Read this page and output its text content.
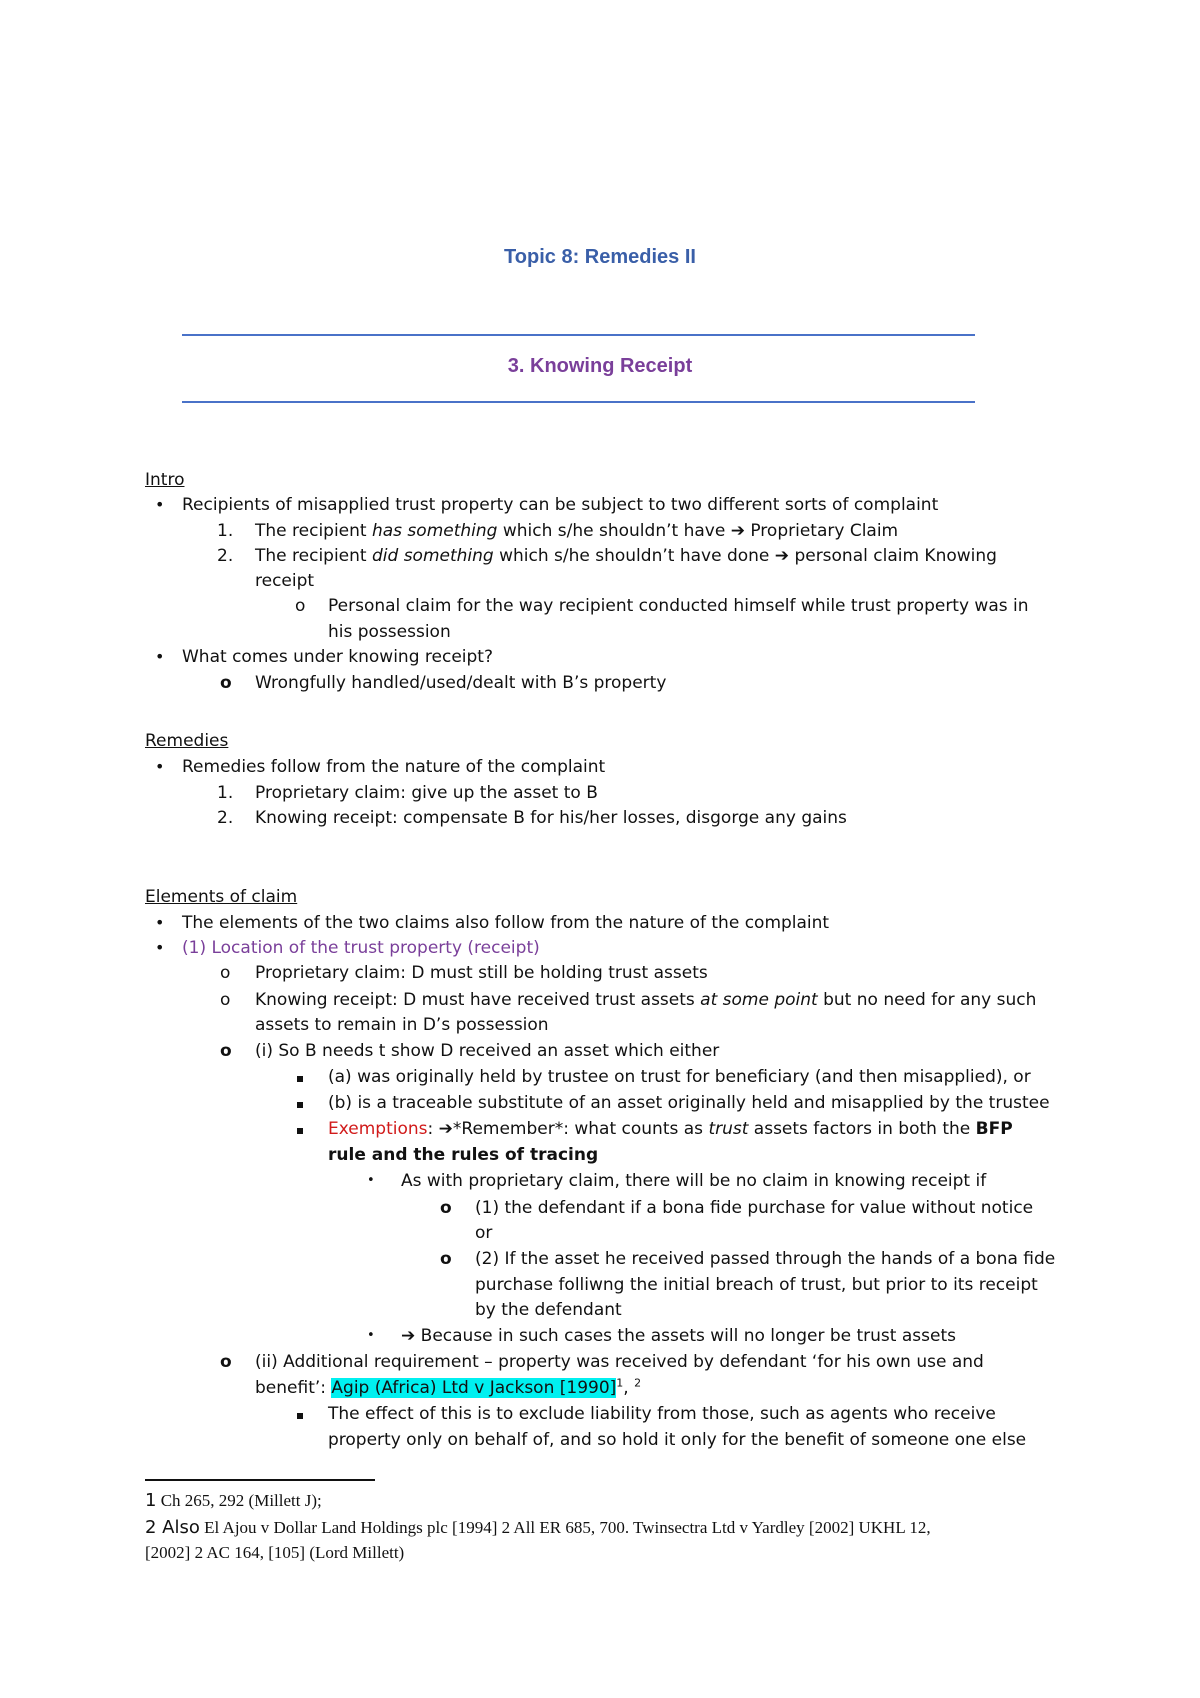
Topic 8: Remedies II
3. Knowing Receipt
Intro
• Recipients of misapplied trust property can be subject to two different sorts of complaint
1. The recipient has something which s/he shouldn’t have ➔ Proprietary Claim
2. The recipient did something which s/he shouldn’t have done ➔ personal claim Knowing
receipt
o Personal claim for the way recipient conducted himself while trust property was in
his possession
• What comes under knowing receipt?
o Wrongfully handled/used/dealt with B’s property
Remedies
• Remedies follow from the nature of the complaint
1. Proprietary claim: give up the asset to B
2. Knowing receipt: compensate B for his/her losses, disgorge any gains
Elements of claim
• The elements of the two claims also follow from the nature of the complaint
• (1) Location of the trust property (receipt)
o Proprietary claim: D must still be holding trust assets
o Knowing receipt: D must have received trust assets at some point but no need for any such
assets to remain in D’s possession
o (i) So B needs t show D received an asset which either
(a) was originally held by trustee on trust for beneficiary (and then misapplied), or
(b) is a traceable substitute of an asset originally held and misapplied by the trustee
Exemptions: ➔*Remember*: what counts as trust assets factors in both the BFP
rule and the rules of tracing
• As with proprietary claim, there will be no claim in knowing receipt if
o (1) the defendant if a bona fide purchase for value without notice
or
o (2) If the asset he received passed through the hands of a bona fide
purchase folliwng the initial breach of trust, but prior to its receipt
by the defendant
• ➔ Because in such cases the assets will no longer be trust assets
o (ii) Additional requirement – property was received by defendant ‘for his own use and
benefit’: Agip (Africa) Ltd v Jackson $[1990]^1$, $^2$
The effect of this is to exclude liability from those, such as agents who receive
property only on behalf of, and so hold it only for the benefit of someone one else
1 Ch 265, 292 (Millett J);
2 Also El Ajou v Dollar Land Holdings plc [1994] 2 All ER 685, 700. Twinsectra Ltd v Yardley [2002] UKHL 12,
[2002] 2 AC 164, [105] (Lord Millett)
